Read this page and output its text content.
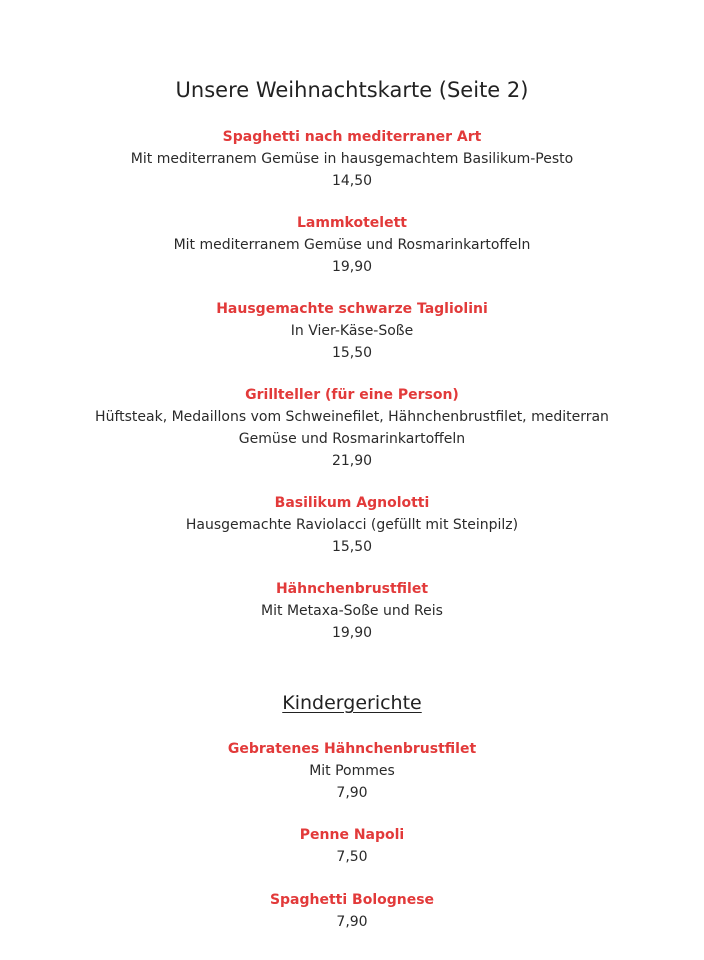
Unsere Weihnachtskarte (Seite 2)
Spaghetti nach mediterraner Art
Mit mediterranem Gemüse in hausgemachtem Basilikum-Pesto
14,50
Lammkotelett
Mit mediterranem Gemüse und Rosmarinkartoffeln
19,90
Hausgemachte schwarze Tagliolini
In Vier-Käse-Soße
15,50
Grillteller (für eine Person)
Hüftsteak, Medaillons vom Schweinefilet, Hähnchenbrustfilet, mediterran
Gemüse und Rosmarinkartoffeln
21,90
Basilikum Agnolotti
Hausgemachte Raviolacci (gefüllt mit Steinpilz)
15,50
Hähnchenbrustfilet
Mit Metaxa-Soße und Reis
19,90
Kindergerichte
Gebratenes Hähnchenbrustfilet
Mit Pommes
7,90
Penne Napoli
7,50
Spaghetti Bolognese
7,90
